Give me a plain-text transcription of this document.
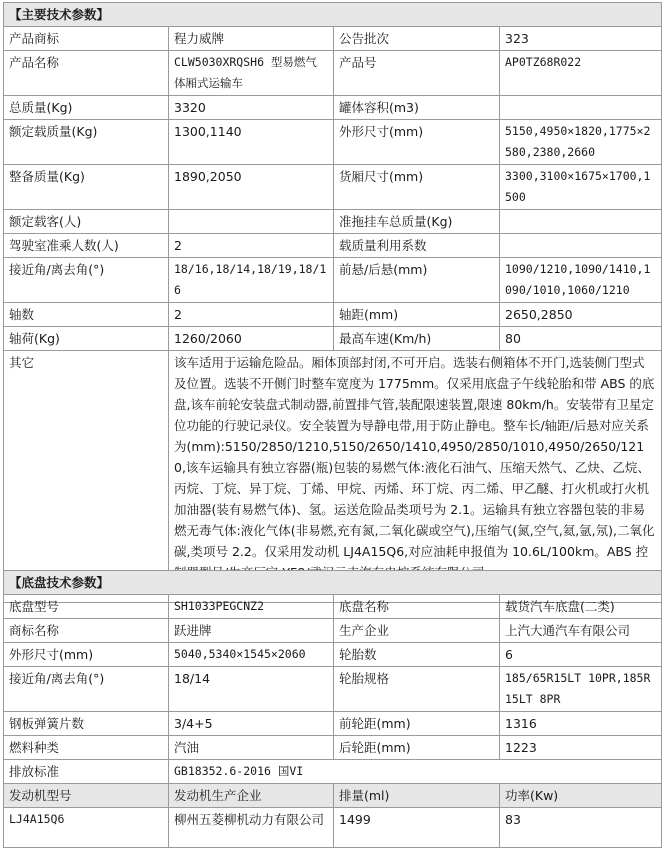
【主要技术参数】			
产品商标	程力威牌	公告批次	323
产品名称	CLW5030XRQSH6 型易燃气体厢式运输车	产品号	AP0TZ68R022
总质量(Kg)	3320	罐体容积(m3)	
额定载质量(Kg)	1300,1140	外形尺寸(mm)	5150,4950×1820,1775×2580,2380,2660
整备质量(Kg)	1890,2050	货厢尺寸(mm)	3300,3100×1675×1700,1500
额定载客(人)		准拖挂车总质量(Kg)	
驾驶室准乘人数(人)	2	载质量利用系数	
接近角/离去角(°)	18/16,18/14,18/19,18/16	前悬/后悬(mm)	1090/1210,1090/1410,1090/1010,1060/1210
轴数	2	轴距(mm)	2650,2850
轴荷(Kg)	1260/2060	最高车速(Km/h)	80
其它	该车适用于运输危险品。厢体顶部封闭,不可开启。选装右侧箱体不开门,选装侧门型式及位置。选装不开侧门时整车宽度为 1775mm。仅采用底盘子午线轮胎和带 ABS 的底盘,该车前轮安装盘式制动器,前置排气管,装配限速装置,限速 80km/h。安装带有卫星定位功能的行驶记录仪。安全装置为导静电带,用于防止静电。整车长/轴距/后悬对应关系为(mm):5150/2850/1210,5150/2650/1410,4950/2850/1010,4950/2650/1210,该车运输具有独立容器(瓶)包装的易燃气体:液化石油气、压缩天然气、乙炔、乙烷、丙烷、丁烷、异丁烷、丁烯、甲烷、丙烯、环丁烷、丙二烯、甲乙醚、打火机或打火机加油器(装有易燃气体)、氢。运送危险品类项号为 2.1。运输具有独立容器包装的非易燃无毒气体:液化气体(非易燃,充有氮,二氧化碳或空气),压缩气(氮,空气,氦,氩,氖),二氧化碳,类项号 2.2。仅采用发动机 LJ4A15Q6,对应油耗申报值为 10.6L/100km。ABS 控		
【底盘技术参数】			
底盘型号	SH1033PEGCNZ2	底盘名称	载货汽车底盘(二类)
商标名称	跃进牌	生产企业	上汽大通汽车有限公司
外形尺寸(mm)	5040,5340×1545×2060	轮胎数	6
接近角/离去角(°)	18/14	轮胎规格	185/65R15LT 10PR,185R15LT 8PR
钢板弹簧片数	3/4+5	前轮距(mm)	1316
燃料种类	汽油	后轮距(mm)	1223
排放标准	GB18352.6-2016 国VI		
发动机型号	发动机生产企业	排量(ml)	功率(Kw)
LJ4A15Q6	柳州五菱柳机动力有限公司	1499	83
